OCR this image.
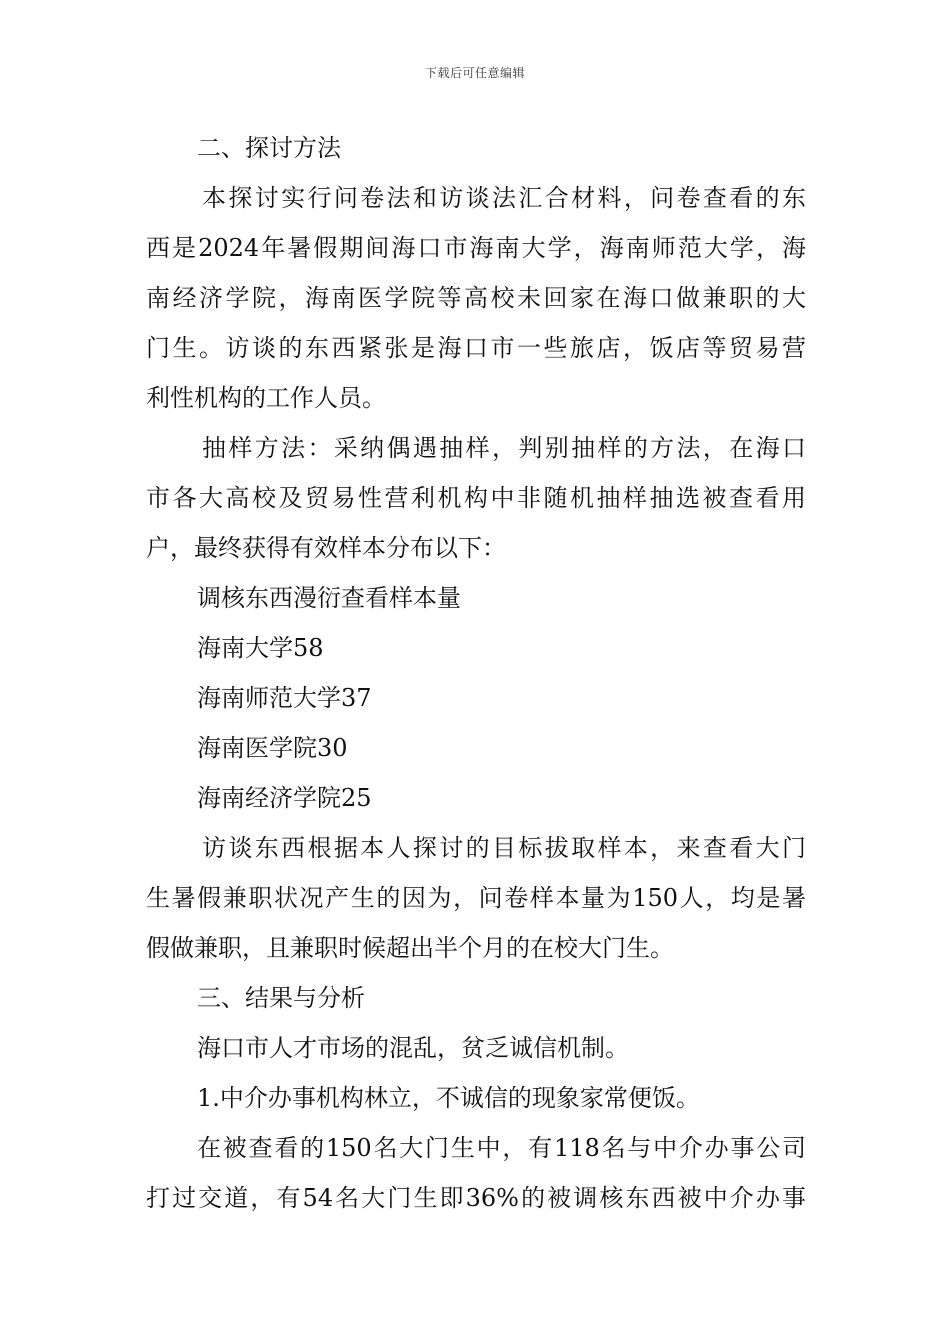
下载后可任意编辑
二、探讨方法
本探讨实行问卷法和访谈法汇合材料，问卷查看的东
西是2024年暑假期间海口市海南大学，海南师范大学，海
南经济学院，海南医学院等高校未回家在海口做兼职的大
门生。访谈的东西紧张是海口市一些旅店，饭店等贸易营
利性机构的工作人员。
抽样方法：采纳偶遇抽样，判别抽样的方法，在海口
市各大高校及贸易性营利机构中非随机抽样抽选被查看用
户，最终获得有效样本分布以下：
调核东西漫衍查看样本量
海南大学58
海南师范大学37
海南医学院30
海南经济学院25
访谈东西根据本人探讨的目标拔取样本，来查看大门
生暑假兼职状况产生的因为，问卷样本量为150人，均是暑
假做兼职，且兼职时候超出半个月的在校大门生。
三、结果与分析
海口市人才市场的混乱，贫乏诚信机制。
1.中介办事机构林立，不诚信的现象家常便饭。
在被查看的150名大门生中，有118名与中介办事公司
打过交道，有54名大门生即36%的被调核东西被中介办事
